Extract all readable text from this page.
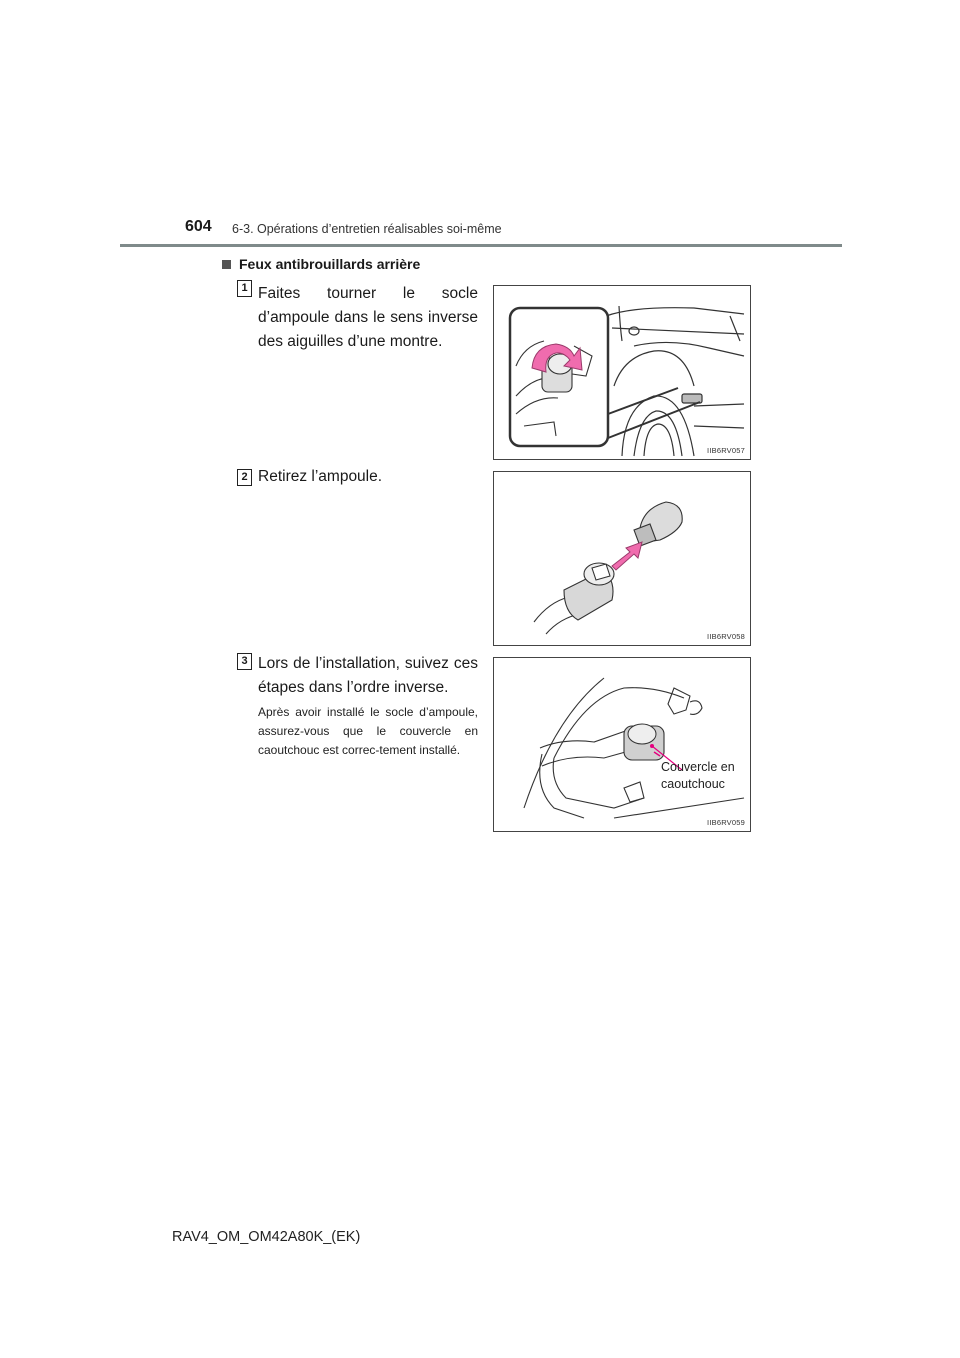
604 6-3. Opérations d’entretien réalisables soi-même
Feux antibrouillards arrière
1 Faites tourner le socle d’ampoule dans le sens inverse des aiguilles d’une montre.
IIB6RV057
2 Retirez l’ampoule.
IIB6RV058
3 Lors de l’installation, suivez ces étapes dans l’ordre inverse.
Après avoir installé le socle d’ampoule, assurez-vous que le couvercle en caoutchouc est correc-tement installé.
Couvercle en
caoutchouc
IIB6RV059
RAV4_OM_OM42A80K_(EK)
